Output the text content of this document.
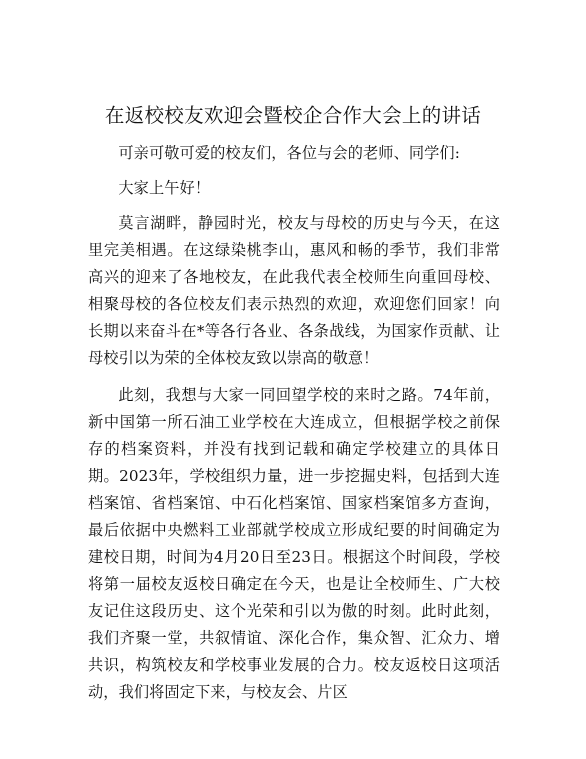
在返校校友欢迎会暨校企合作大会上的讲话

可亲可敬可爱的校友们，各位与会的老师、同学们:

大家上午好！

莫言湖畔，静园时光，校友与母校的历史与今天，在这里完美相遇。在这绿染桃李山，惠风和畅的季节，我们非常高兴的迎来了各地校友，在此我代表全校师生向重回母校、相聚母校的各位校友们表示热烈的欢迎，欢迎您们回家！向长期以来奋斗在*等各行各业、各条战线，为国家作贡献、让母校引以为荣的全体校友致以崇高的敬意！

此刻，我想与大家一同回望学校的来时之路。74年前，新中国第一所石油工业学校在大连成立，但根据学校之前保存的档案资料，并没有找到记载和确定学校建立的具体日期。2023年，学校组织力量，进一步挖掘史料，包括到大连档案馆、省档案馆、中石化档案馆、国家档案馆多方查询，最后依据中央燃料工业部就学校成立形成纪要的时间确定为建校日期，时间为4月20日至23日。根据这个时间段，学校将第一届校友返校日确定在今天，也是让全校师生、广大校友记住这段历史、这个光荣和引以为傲的时刻。此时此刻，我们齐聚一堂，共叙情谊、深化合作，集众智、汇众力、增共识，构筑校友和学校事业发展的合力。校友返校日这项活动，我们将固定下来，与校友会、片区
